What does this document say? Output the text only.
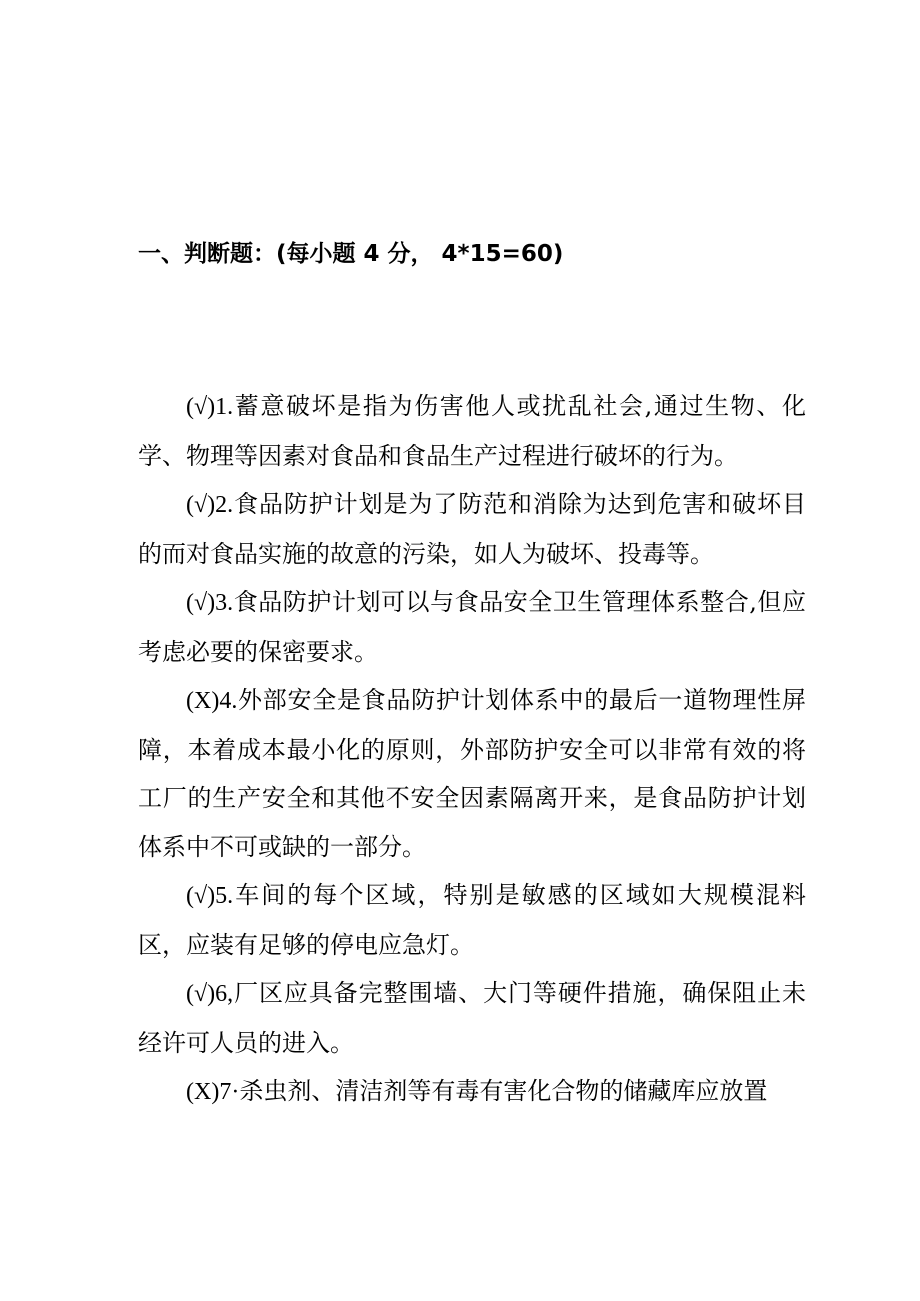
一、判断题：(每小题 4 分， 4*15=60)

(√)1.蓄意破坏是指为伤害他人或扰乱社会,通过生物、化学、物理等因素对食品和食品生产过程进行破坏的行为。

(√)2.食品防护计划是为了防范和消除为达到危害和破坏目的而对食品实施的故意的污染，如人为破坏、投毒等。

(√)3.食品防护计划可以与食品安全卫生管理体系整合,但应考虑必要的保密要求。

(X)4.外部安全是食品防护计划体系中的最后一道物理性屏障，本着成本最小化的原则，外部防护安全可以非常有效的将工厂的生产安全和其他不安全因素隔离开来，是食品防护计划体系中不可或缺的一部分。

(√)5.车间的每个区域，特别是敏感的区域如大规模混料区，应装有足够的停电应急灯。

(√)6,厂区应具备完整围墙、大门等硬件措施，确保阻止未经许可人员的进入。

(X)7·杀虫剂、清洁剂等有毒有害化合物的储藏库应放置
